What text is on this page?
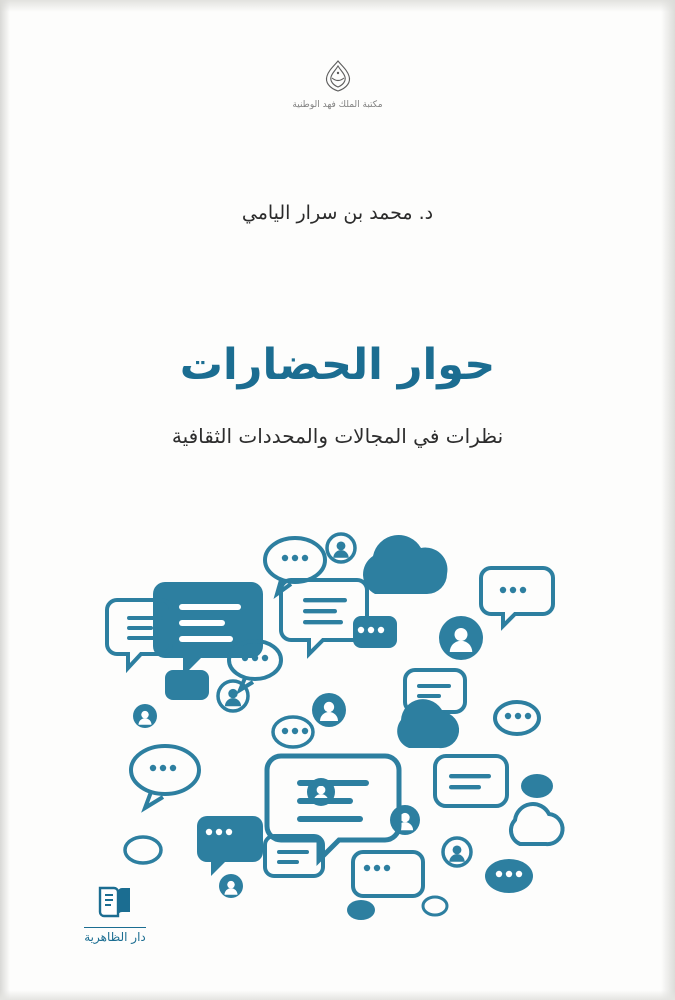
مكتبة الملك فهد الوطنية
د. محمد بن سرار اليامي
حوار الحضارات
نظرات في المجالات والمحددات الثقافية
دار الظاهرية
